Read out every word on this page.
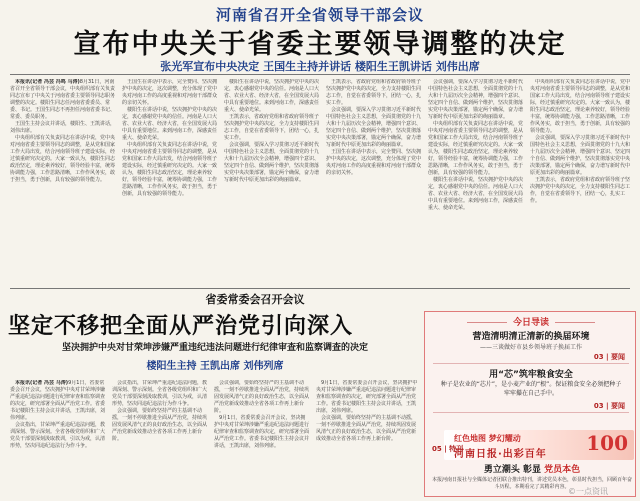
河南省召开全省领导干部会议
宣布中央关于省委主要领导调整的决定
张光军宣布中央决定 王国生主持并讲话 楼阳生王凯讲话 刘伟出席

本报讯(记者 冯芸 冯鸣 马涛)8月31日，河南省召开全省领导干部会议，中央组织部有关负责同志宣布了中央关于河南省委主要领导同志职务调整的决定。楼阳生同志任河南省委委员、常委、书记。王国生同志不再担任河南省委书记、常委、委员职务。

王国生主持会议并讲话，楼阳生、王凯讲话，刘伟出席。

中央组织部有关负责同志在讲话中说，党中央对河南省委主要领导同志的调整，是从党和国家工作大局出发，结合河南领导班子建设实际，经过慎重研究决定的。大家一致认为，楼阳生同志政治坚定，理论素养较好，领导经验丰富，统筹协调能力强，工作思路清晰，工作作风务实，敢于担当，勇于创新，具有较强的领导能力。

王国生在讲话中表示，完全赞同、坚决拥护中央的决定，这次调整，充分体现了党中央对河南工作的高度重视和对河南干部群众的亲切关怀。

楼阳生在讲话中说，坚决拥护党中央的决定，衷心感谢党中央的信任。河南是人口大省、农业大省、经济大省，在全国发展大局中具有重要地位。来到河南工作，深感责任重大、使命光荣。

中央组织部有关负责同志在讲话中说，党中央对河南省委主要领导同志的调整，是从党和国家工作大局出发，结合河南领导班子建设实际，经过慎重研究决定的。大家一致认为，楼阳生同志政治坚定，理论素养较好，领导经验丰富，统筹协调能力强，工作思路清晰，工作作风务实，敢于担当，勇于创新，具有较强的领导能力。

楼阳生在讲话中说，坚决拥护党中央的决定，衷心感谢党中央的信任。河南是人口大省、农业大省、经济大省，在全国发展大局中具有重要地位。来到河南工作，深感责任重大、使命光荣。

王凯表示，省政府党组和省政府领导班子坚决拥护党中央的决定，全力支持楼阳生同志工作，自觉在省委领导下，团结一心，扎实工作。

会议强调，要深入学习贯彻习近平新时代中国特色社会主义思想，全面贯彻党的十九大和十九届历次全会精神，增强四个意识、坚定四个自信、做到两个维护，坚决贯彻落实党中央决策部署，锚定两个确保，奋力谱写新时代中原更加出彩的绚丽篇章。

王凯表示，省政府党组和省政府领导班子坚决拥护党中央的决定，全力支持楼阳生同志工作，自觉在省委领导下，团结一心，扎实工作。

会议强调，要深入学习贯彻习近平新时代中国特色社会主义思想，全面贯彻党的十九大和十九届历次全会精神，增强四个意识、坚定四个自信、做到两个维护，坚决贯彻落实党中央决策部署，锚定两个确保，奋力谱写新时代中原更加出彩的绚丽篇章。

王国生在讲话中表示，完全赞同、坚决拥护中央的决定，这次调整，充分体现了党中央对河南工作的高度重视和对河南干部群众的亲切关怀。

会议强调，要深入学习贯彻习近平新时代中国特色社会主义思想，全面贯彻党的十九大和十九届历次全会精神，增强四个意识、坚定四个自信、做到两个维护，坚决贯彻落实党中央决策部署，锚定两个确保，奋力谱写新时代中原更加出彩的绚丽篇章。

中央组织部有关负责同志在讲话中说，党中央对河南省委主要领导同志的调整，是从党和国家工作大局出发，结合河南领导班子建设实际，经过慎重研究决定的。大家一致认为，楼阳生同志政治坚定，理论素养较好，领导经验丰富，统筹协调能力强，工作思路清晰，工作作风务实，敢于担当，勇于创新，具有较强的领导能力。

楼阳生在讲话中说，坚决拥护党中央的决定，衷心感谢党中央的信任。河南是人口大省、农业大省、经济大省，在全国发展大局中具有重要地位。来到河南工作，深感责任重大、使命光荣。

中央组织部有关负责同志在讲话中说，党中央对河南省委主要领导同志的调整，是从党和国家工作大局出发，结合河南领导班子建设实际，经过慎重研究决定的。大家一致认为，楼阳生同志政治坚定，理论素养较好，领导经验丰富，统筹协调能力强，工作思路清晰，工作作风务实，敢于担当，勇于创新，具有较强的领导能力。

会议强调，要深入学习贯彻习近平新时代中国特色社会主义思想，全面贯彻党的十九大和十九届历次全会精神，增强四个意识、坚定四个自信、做到两个维护，坚决贯彻落实党中央决策部署，锚定两个确保，奋力谱写新时代中原更加出彩的绚丽篇章。

王凯表示，省政府党组和省政府领导班子坚决拥护党中央的决定，全力支持楼阳生同志工作，自觉在省委领导下，团结一心，扎实工作。

省委常委会召开会议
坚定不移把全面从严治党引向深入
坚决拥护中央对甘荣坤涉嫌严重违纪违法问题进行纪律审查和监察调查的决定
楼阳生主持 王凯出席 刘伟列席

本报讯(记者 冯芸 马涛)9月1日，省委常委会召开会议，坚决拥护中央对甘荣坤涉嫌严重违纪违法问题进行纪律审查和监察调查的决定，研究部署全面从严治党工作。省委书记楼阳生主持会议并讲话，王凯出席，刘伟列席。

会议指出，甘荣坤严重违纪违法问题，教训深刻、警示深刻。全省各级党组织和广大党员干部要深刻汲取教训，引以为戒，认清形势，坚决同违纪违法行为作斗争。

会议指出，甘荣坤严重违纪违法问题，教训深刻、警示深刻。全省各级党组织和广大党员干部要深刻汲取教训，引以为戒，认清形势，坚决同违纪违法行为作斗争。

会议强调，要始终坚持严的主基调不动摇，一刻不停歇推进全面从严治党，持续巩固发展风清气正的良好政治生态，以全面从严治党新成效推动全省各项工作再上新台阶。

会议强调，要始终坚持严的主基调不动摇，一刻不停歇推进全面从严治党，持续巩固发展风清气正的良好政治生态，以全面从严治党新成效推动全省各项工作再上新台阶。

9月1日，省委常委会召开会议，坚决拥护中央对甘荣坤涉嫌严重违纪违法问题进行纪律审查和监察调查的决定，研究部署全面从严治党工作。省委书记楼阳生主持会议并讲话，王凯出席，刘伟列席。

9月1日，省委常委会召开会议，坚决拥护中央对甘荣坤涉嫌严重违纪违法问题进行纪律审查和监察调查的决定，研究部署全面从严治党工作。省委书记楼阳生主持会议并讲话，王凯出席，刘伟列席。

会议强调，要始终坚持严的主基调不动摇，一刻不停歇推进全面从严治党，持续巩固发展风清气正的良好政治生态，以全面从严治党新成效推动全省各项工作再上新台阶。

今日导读
营造清明清正清新的换届环境
——三谈做好市县乡领导班子换届工作
03 | 要闻
用“芯”筑牢粮食安全
种子是农业的“芯片”，是小麦产业的“根”。保证粮食安全必须把种子牢牢攥在自己手中。
03 | 要闻
红色地图 梦幻耀动
河南日报·出彩百年 100
05 | 特刊
勇立潮头 彰显 党员本色
本报河南日报社与全媒体记者团联合推出特刊，讲述党员本色，彰显时代担当，回顾百年奋斗历程。本期看完了其精彩内容。
©一点资讯
